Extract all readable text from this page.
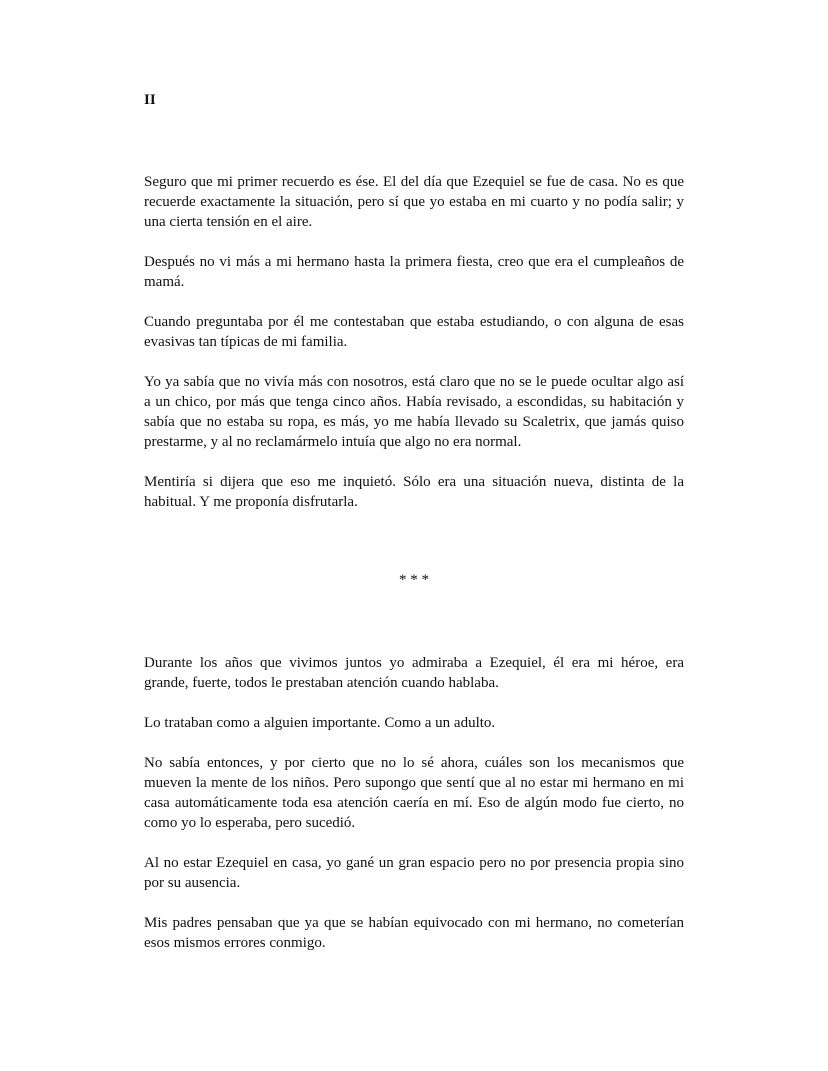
II
Seguro que mi primer recuerdo es ése. El del día que Ezequiel se fue de casa. No es que
recuerde exactamente la situación, pero sí que yo estaba en mi cuarto y no podía salir; y
una cierta tensión en el aire.
Después no vi más a mi hermano hasta la primera fiesta, creo que era el cumpleaños de
mamá.
Cuando preguntaba por él me contestaban que estaba estudiando, o con alguna de esas
evasivas tan típicas de mi familia.
Yo ya sabía que no vivía más con nosotros, está claro que no se le puede ocultar algo así
a un chico, por más que tenga cinco años. Había revisado, a escondidas, su habitación y
sabía que no estaba su ropa, es más, yo me había llevado su Scaletrix, que jamás quiso
prestarme, y al no reclamármelo intuía que algo no era normal.
Mentiría si dijera que eso me inquietó. Sólo era una situación nueva, distinta de la
habitual. Y me proponía disfrutarla.
* * *
Durante los años que vivimos juntos yo admiraba a Ezequiel, él era mi héroe, era
grande, fuerte, todos le prestaban atención cuando hablaba.
Lo trataban como a alguien importante. Como a un adulto.
No sabía entonces, y por cierto que no lo sé ahora, cuáles son los mecanismos que
mueven la mente de los niños. Pero supongo que sentí que al no estar mi hermano en mi
casa automáticamente toda esa atención caería en mí. Eso de algún modo fue cierto, no
como yo lo esperaba, pero sucedió.
Al no estar Ezequiel en casa, yo gané un gran espacio pero no por presencia propia sino
por su ausencia.
Mis padres pensaban que ya que se habían equivocado con mi hermano, no cometerían
esos mismos errores conmigo.
